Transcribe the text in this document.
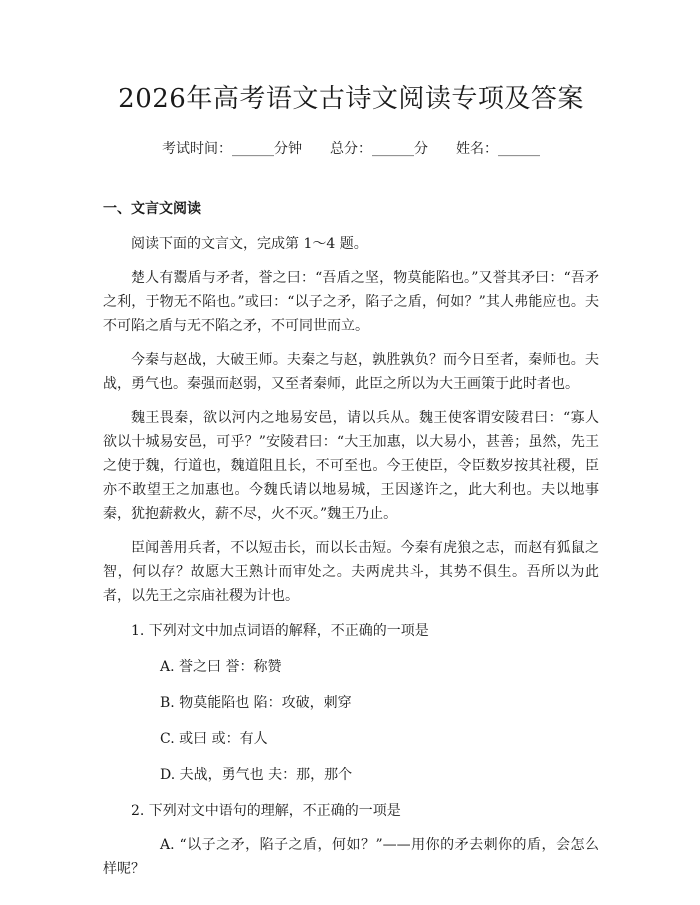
2026年高考语文古诗文阅读专项及答案
考试时间：______分钟 总分：______分 姓名：______
一、文言文阅读

阅读下面的文言文，完成第 1～4 题。

楚人有鬻盾与矛者，誉之曰：“吾盾之坚，物莫能陷也。”又誉其矛曰：“吾矛之利，于物无不陷也。”或曰：“以子之矛，陷子之盾，何如？”其人弗能应也。夫不可陷之盾与无不陷之矛，不可同世而立。

今秦与赵战，大破王师。夫秦之与赵，孰胜孰负？而今日至者，秦师也。夫战，勇气也。秦强而赵弱，又至者秦师，此臣之所以为大王画策于此时者也。

魏王畏秦，欲以河内之地易安邑，请以兵从。魏王使客谓安陵君曰：“寡人欲以十城易安邑，可乎？”安陵君曰：“大王加惠，以大易小，甚善；虽然，先王之使于魏，行道也，魏道阻且长，不可至也。今王使臣，令臣数岁按其社稷，臣亦不敢望王之加惠也。今魏氏请以地易城，王因遂许之，此大利也。夫以地事秦，犹抱薪救火，薪不尽，火不灭。”魏王乃止。

臣闻善用兵者，不以短击长，而以长击短。今秦有虎狼之志，而赵有狐鼠之智，何以存？故愿大王熟计而审处之。夫两虎共斗，其势不俱生。吾所以为此者，以先王之宗庙社稷为计也。

1. 下列对文中加点词语的解释，不正确的一项是

A. 誉之曰 誉：称赞

B. 物莫能陷也 陷：攻破，刺穿

C. 或曰 或：有人

D. 夫战，勇气也 夫：那，那个

2. 下列对文中语句的理解，不正确的一项是

A. “以子之矛，陷子之盾，何如？”——用你的矛去刺你的盾，会怎么样呢？
